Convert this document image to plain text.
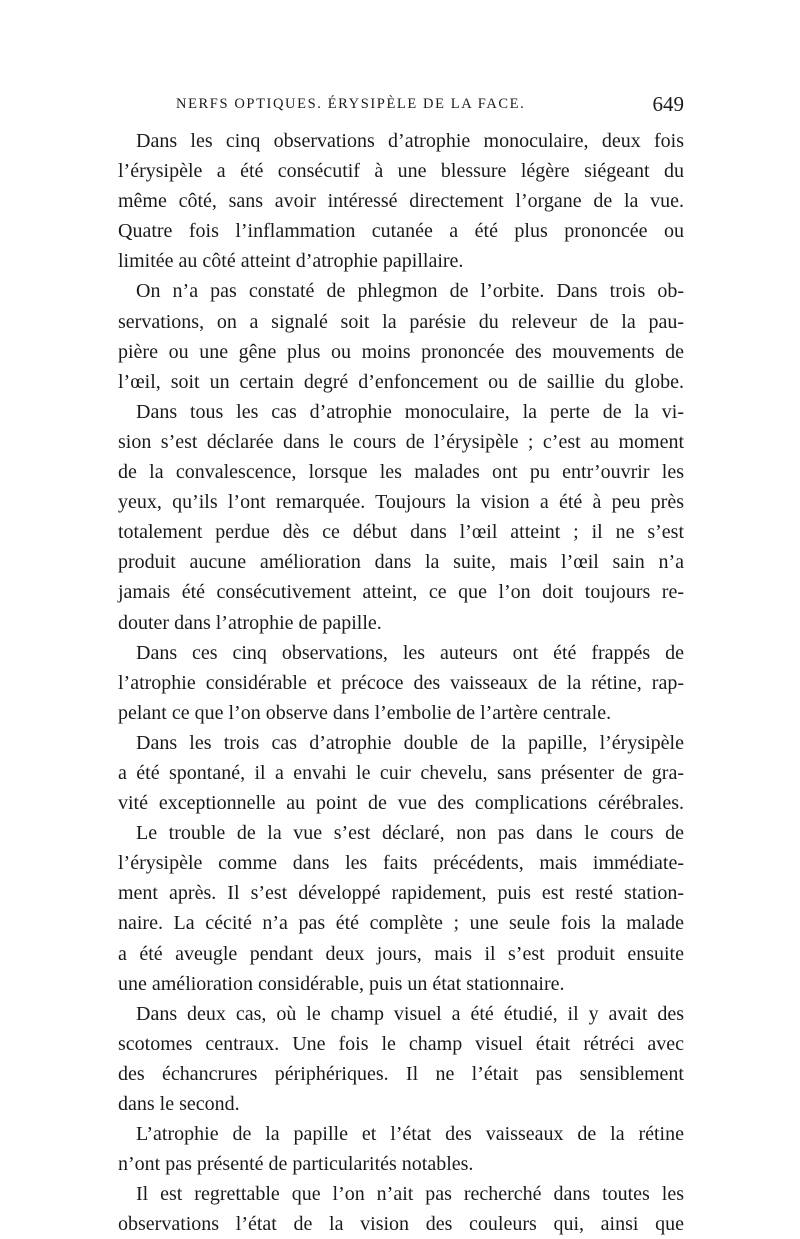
NERFS OPTIQUES. ÉRYSIPÈLE DE LA FACE.	649
Dans les cinq observations d’atrophie monoculaire, deux fois
l’érysipèle a été consécutif à une blessure légère siégeant du
même côté, sans avoir intéressé directement l’organe de la vue.
Quatre fois l’inflammation cutanée a été plus prononcée ou
limitée au côté atteint d’atrophie papillaire.
On n’a pas constaté de phlegmon de l’orbite. Dans trois ob-
servations, on a signalé soit la parésie du releveur de la pau-
pière ou une gêne plus ou moins prononcée des mouvements de
l’œil, soit un certain degré d’enfoncement ou de saillie du globe.
Dans tous les cas d’atrophie monoculaire, la perte de la vi-
sion s’est déclarée dans le cours de l’érysipèle ; c’est au moment
de la convalescence, lorsque les malades ont pu entr’ouvrir les
yeux, qu’ils l’ont remarquée. Toujours la vision a été à peu près
totalement perdue dès ce début dans l’œil atteint ; il ne s’est
produit aucune amélioration dans la suite, mais l’œil sain n’a
jamais été consécutivement atteint, ce que l’on doit toujours re-
douter dans l’atrophie de papille.
Dans ces cinq observations, les auteurs ont été frappés de
l’atrophie considérable et précoce des vaisseaux de la rétine, rap-
pelant ce que l’on observe dans l’embolie de l’artère centrale.
Dans les trois cas d’atrophie double de la papille, l’érysipèle
a été spontané, il a envahi le cuir chevelu, sans présenter de gra-
vité exceptionnelle au point de vue des complications cérébrales.
Le trouble de la vue s’est déclaré, non pas dans le cours de
l’érysipèle comme dans les faits précédents, mais immédiate-
ment après. Il s’est développé rapidement, puis est resté station-
naire. La cécité n’a pas été complète ; une seule fois la malade
a été aveugle pendant deux jours, mais il s’est produit ensuite
une amélioration considérable, puis un état stationnaire.
Dans deux cas, où le champ visuel a été étudié, il y avait des
scotomes centraux. Une fois le champ visuel était rétréci avec
des échancrures périphériques. Il ne l’était pas sensiblement
dans le second.
L’atrophie de la papille et l’état des vaisseaux de la rétine
n’ont pas présenté de particularités notables.
Il est regrettable que l’on n’ait pas recherché dans toutes les
observations l’état de la vision des couleurs qui, ainsi que
